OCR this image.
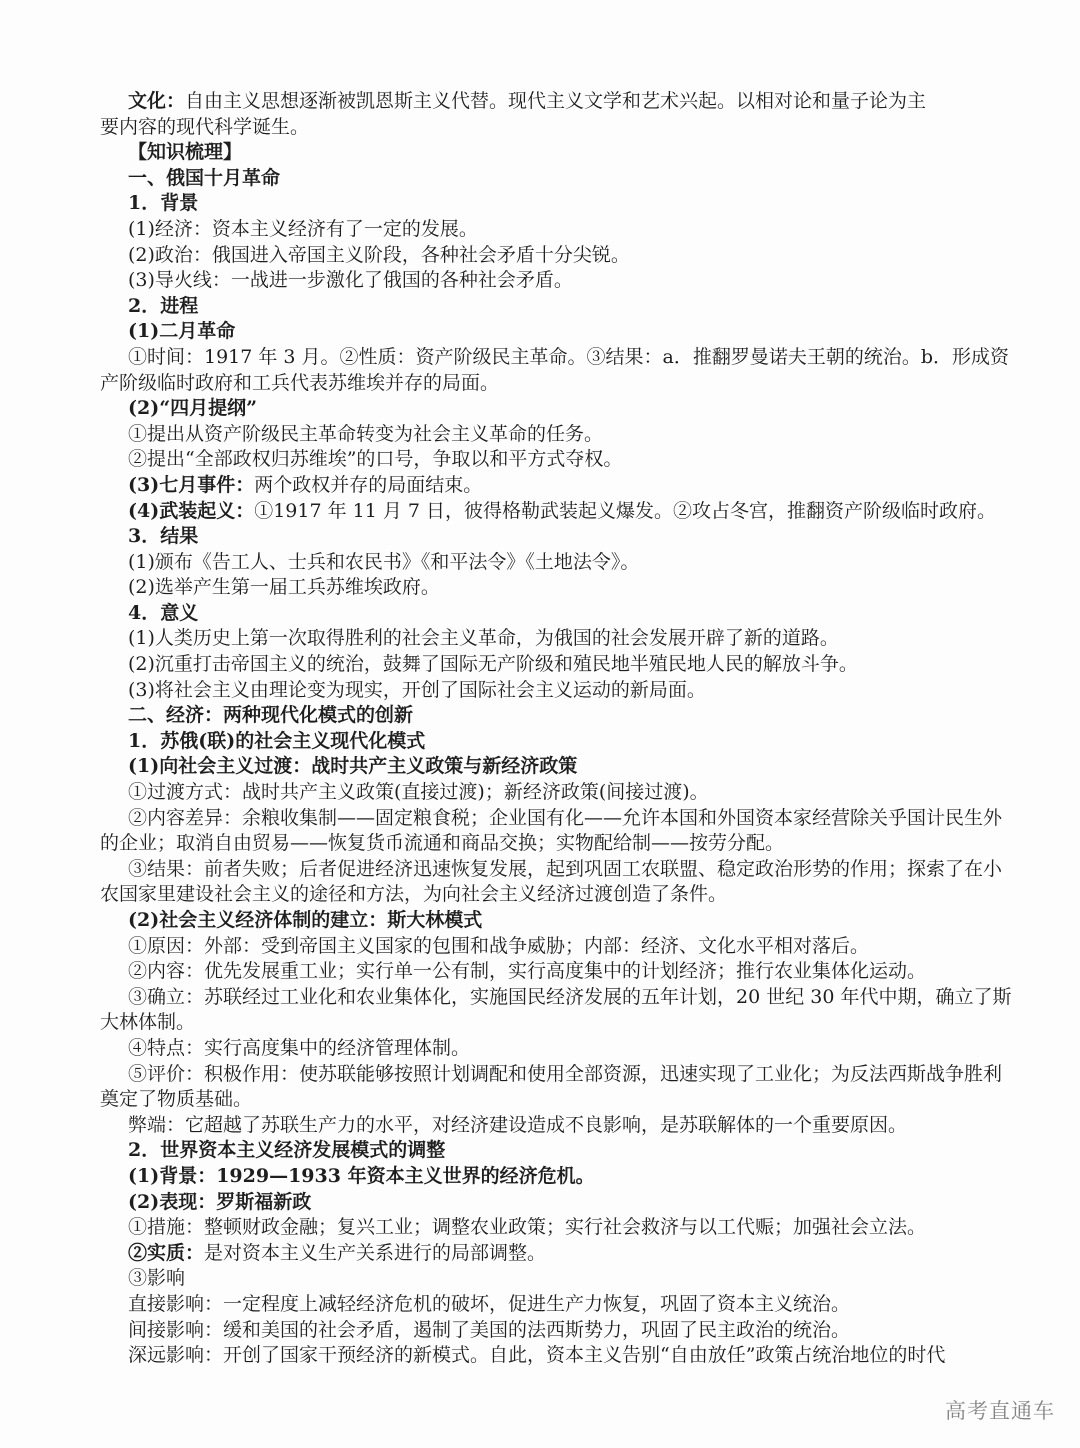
文化：自由主义思想逐渐被凯恩斯主义代替。现代主义文学和艺术兴起。以相对论和量子论为主
要内容的现代科学诞生。
【知识梳理】
一、俄国十月革命
1．背景
(1)经济：资本主义经济有了一定的发展。
(2)政治：俄国进入帝国主义阶段，各种社会矛盾十分尖锐。
(3)导火线：一战进一步激化了俄国的各种社会矛盾。
2．进程
(1)二月革命
①时间：1917 年 3 月。②性质：资产阶级民主革命。③结果：a．推翻罗曼诺夫王朝的统治。b．形成资
产阶级临时政府和工兵代表苏维埃并存的局面。
(2)“四月提纲”
①提出从资产阶级民主革命转变为社会主义革命的任务。
②提出“全部政权归苏维埃”的口号，争取以和平方式夺权。
(3)七月事件：两个政权并存的局面结束。
(4)武装起义：①1917 年 11 月 7 日，彼得格勒武装起义爆发。②攻占冬宫，推翻资产阶级临时政府。
3．结果
(1)颁布《告工人、士兵和农民书》《和平法令》《土地法令》。
(2)选举产生第一届工兵苏维埃政府。
4．意义
(1)人类历史上第一次取得胜利的社会主义革命，为俄国的社会发展开辟了新的道路。
(2)沉重打击帝国主义的统治，鼓舞了国际无产阶级和殖民地半殖民地人民的解放斗争。
(3)将社会主义由理论变为现实，开创了国际社会主义运动的新局面。
二、经济：两种现代化模式的创新
1．苏俄(联)的社会主义现代化模式
(1)向社会主义过渡：战时共产主义政策与新经济政策
①过渡方式：战时共产主义政策(直接过渡)；新经济政策(间接过渡)。
②内容差异：余粮收集制——固定粮食税；企业国有化——允许本国和外国资本家经营除关乎国计民生外
的企业；取消自由贸易——恢复货币流通和商品交换；实物配给制——按劳分配。
③结果：前者失败；后者促进经济迅速恢复发展，起到巩固工农联盟、稳定政治形势的作用；探索了在小
农国家里建设社会主义的途径和方法，为向社会主义经济过渡创造了条件。
(2)社会主义经济体制的建立：斯大林模式
①原因：外部：受到帝国主义国家的包围和战争威胁；内部：经济、文化水平相对落后。
②内容：优先发展重工业；实行单一公有制，实行高度集中的计划经济；推行农业集体化运动。
③确立：苏联经过工业化和农业集体化，实施国民经济发展的五年计划，20 世纪 30 年代中期，确立了斯
大林体制。
④特点：实行高度集中的经济管理体制。
⑤评价：积极作用：使苏联能够按照计划调配和使用全部资源，迅速实现了工业化；为反法西斯战争胜利
奠定了物质基础。
弊端：它超越了苏联生产力的水平，对经济建设造成不良影响，是苏联解体的一个重要原因。
2．世界资本主义经济发展模式的调整
(1)背景：1929—1933 年资本主义世界的经济危机。
(2)表现：罗斯福新政
①措施：整顿财政金融；复兴工业；调整农业政策；实行社会救济与以工代赈；加强社会立法。
②实质：是对资本主义生产关系进行的局部调整。
③影响
直接影响：一定程度上减轻经济危机的破坏，促进生产力恢复，巩固了资本主义统治。
间接影响：缓和美国的社会矛盾，遏制了美国的法西斯势力，巩固了民主政治的统治。
深远影响：开创了国家干预经济的新模式。自此，资本主义告别“自由放任”政策占统治地位的时代
高考直通车
